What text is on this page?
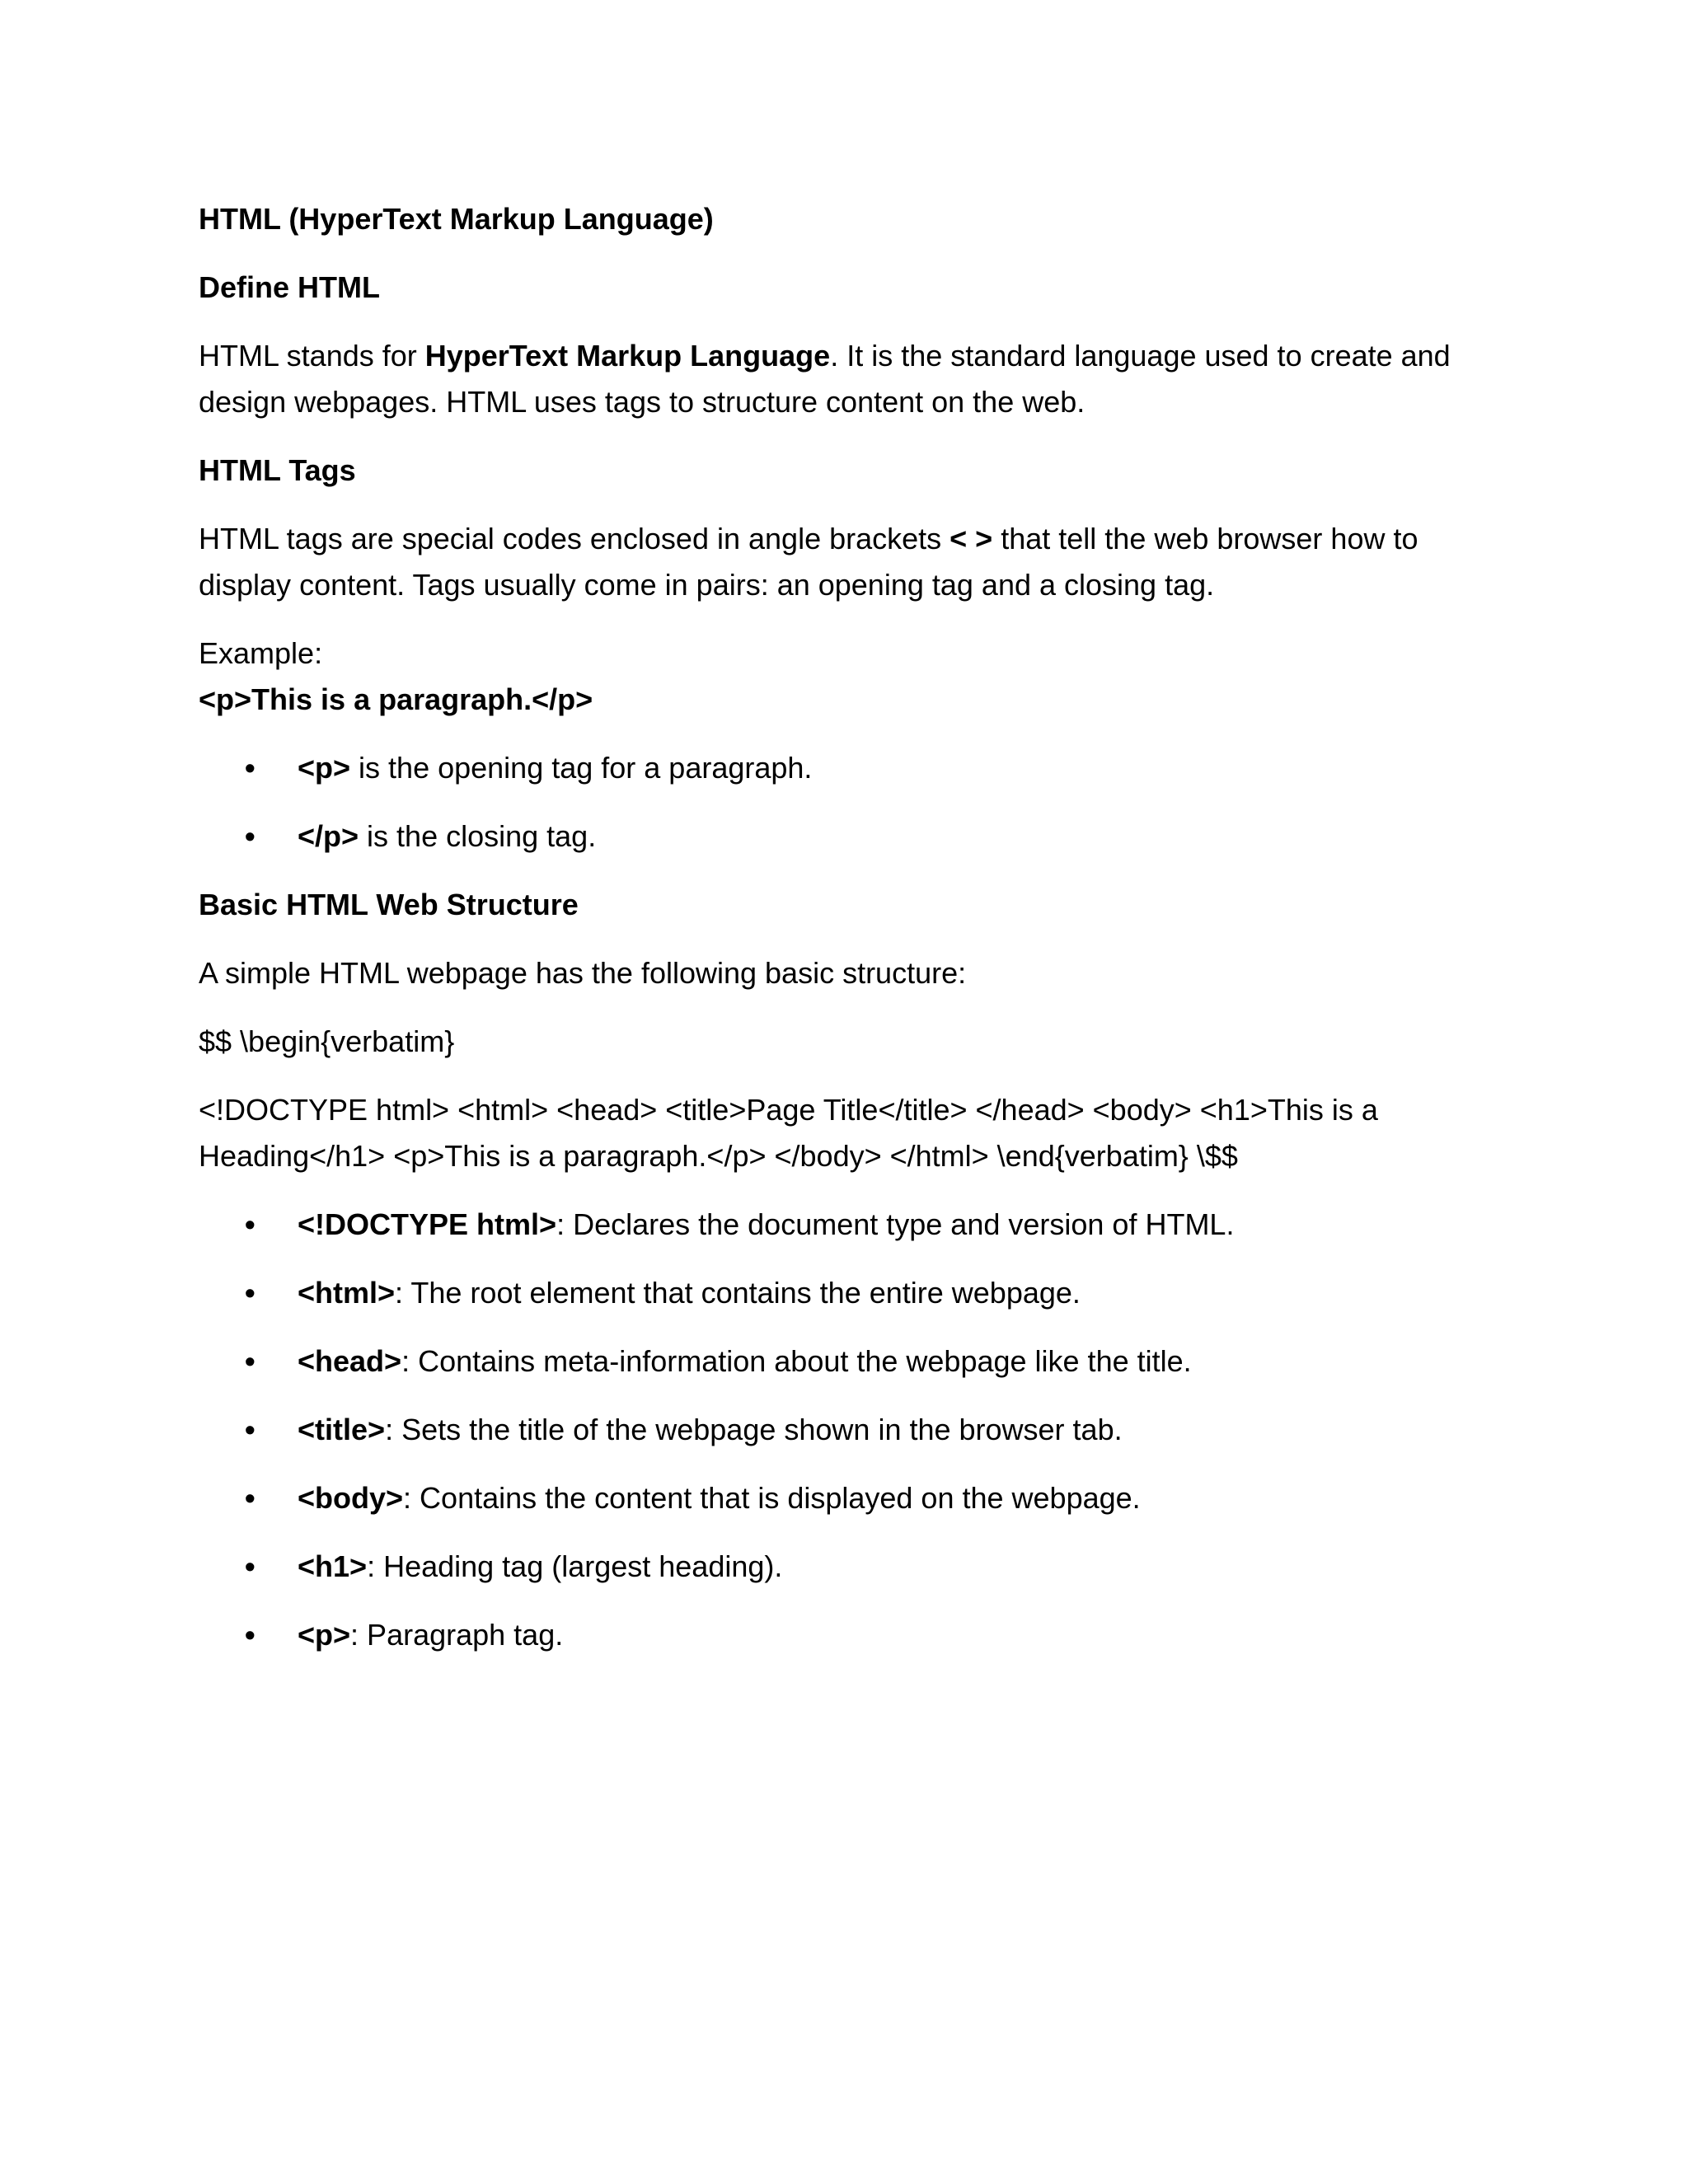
HTML (HyperText Markup Language)

Define HTML

HTML stands for HyperText Markup Language. It is the standard language used to create and design webpages. HTML uses tags to structure content on the web.

HTML Tags

HTML tags are special codes enclosed in angle brackets < > that tell the web browser how to display content. Tags usually come in pairs: an opening tag and a closing tag.

Example:

<p>This is a paragraph.</p>

• <p> is the opening tag for a paragraph.
• </p> is the closing tag.

Basic HTML Web Structure

A simple HTML webpage has the following basic structure:

$$ \begin{verbatim}

<!DOCTYPE html> <html> <head> <title>Page Title</title> </head> <body> <h1>This is a Heading</h1> <p>This is a paragraph.</p> </body> </html> \end{verbatim} \$$

• <!DOCTYPE html>: Declares the document type and version of HTML.
• <html>: The root element that contains the entire webpage.
• <head>: Contains meta-information about the webpage like the title.
• <title>: Sets the title of the webpage shown in the browser tab.
• <body>: Contains the content that is displayed on the webpage.
• <h1>: Heading tag (largest heading).
• <p>: Paragraph tag.
